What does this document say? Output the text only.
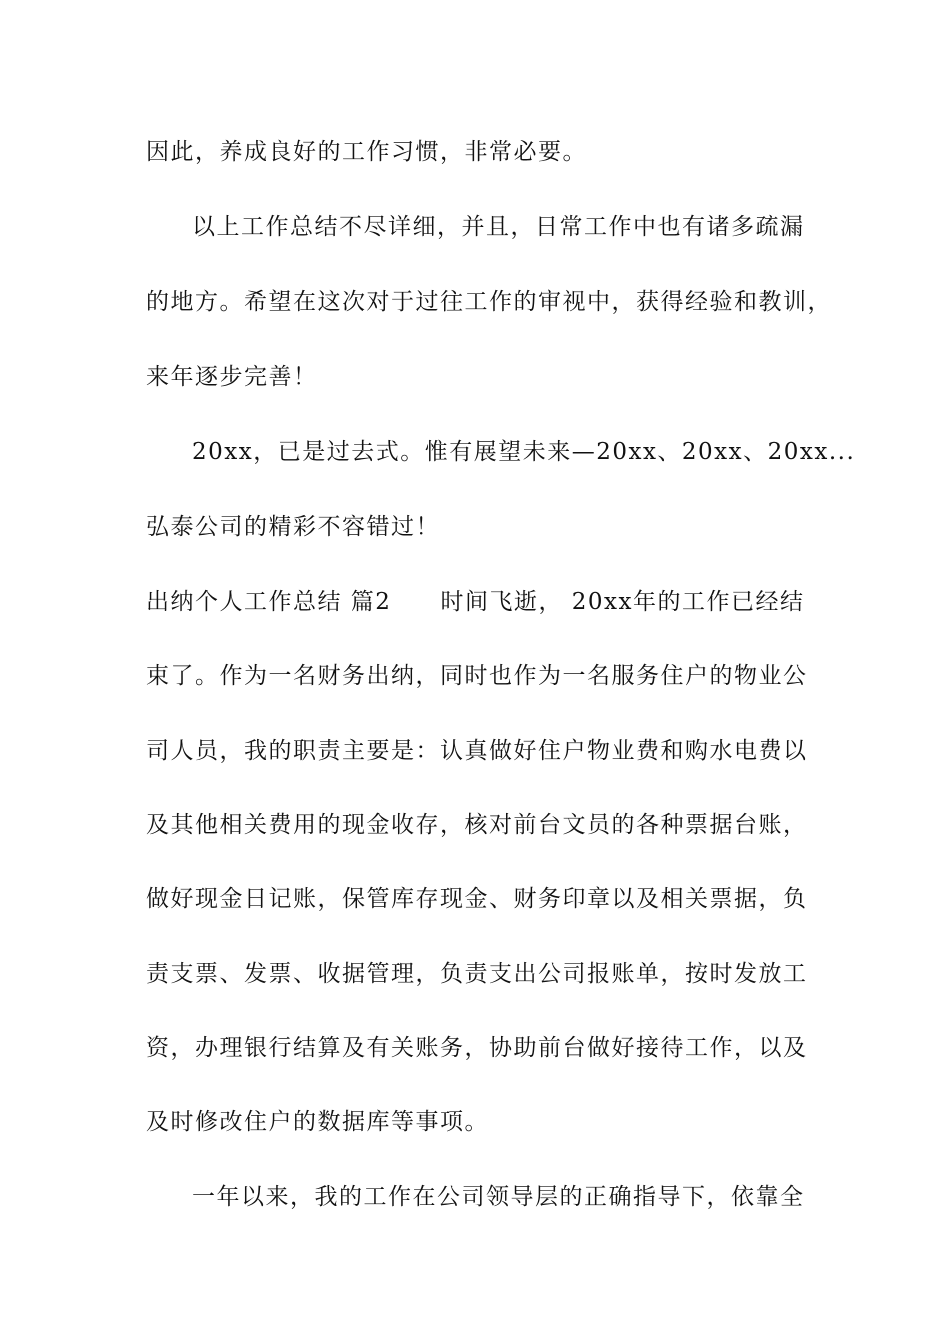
因此，养成良好的工作习惯，非常必要。
以上工作总结不尽详细，并且，日常工作中也有诸多疏漏
的地方。希望在这次对于过往工作的审视中，获得经验和教训，
来年逐步完善！
20xx，已是过去式。惟有展望未来—20xx、20xx、20xx...
弘泰公司的精彩不容错过！
出纳个人工作总结 篇2　　时间飞逝， 20xx年的工作已经结
束了。作为一名财务出纳，同时也作为一名服务住户的物业公
司人员，我的职责主要是：认真做好住户物业费和购水电费以
及其他相关费用的现金收存，核对前台文员的各种票据台账，
做好现金日记账，保管库存现金、财务印章以及相关票据，负
责支票、发票、收据管理，负责支出公司报账单，按时发放工
资，办理银行结算及有关账务，协助前台做好接待工作，以及
及时修改住户的数据库等事项。
一年以来，我的工作在公司领导层的正确指导下，依靠全
